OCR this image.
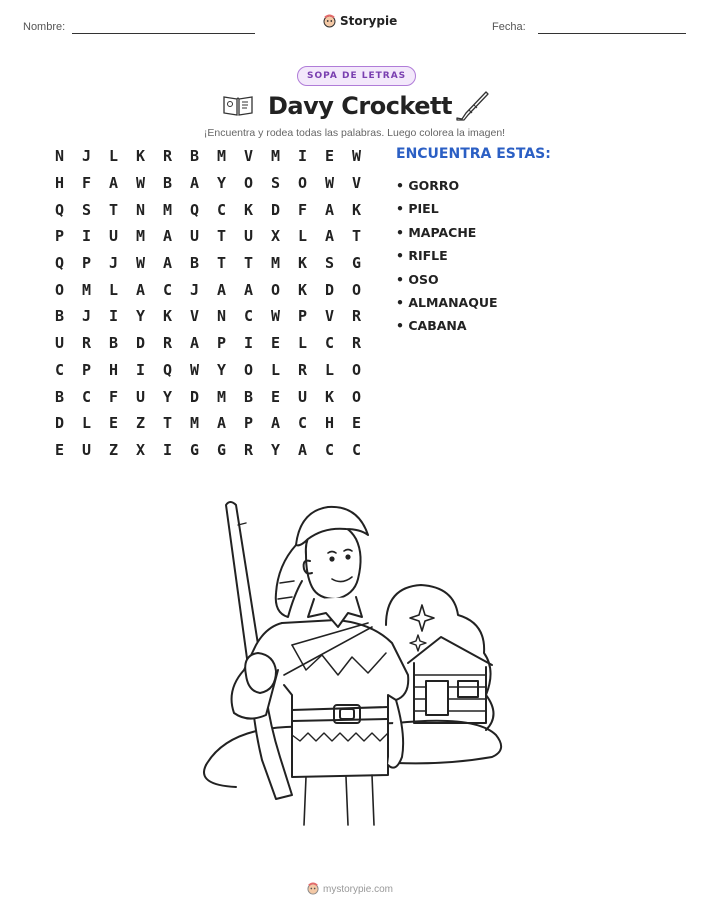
Nombre:	Storypie	Fecha:
SOPA DE LETRAS
Davy Crockett
¡Encuentra y rodea todas las palabras. Luego colorea la imagen!
N	J	L	K	R	B	M	V	M	I	E	W
H	F	A	W	B	A	Y	O	S	O	W	V
Q	S	T	N	M	Q	C	K	D	F	A	K
P	I	U	M	A	U	T	U	X	L	A	T
Q	P	J	W	A	B	T	T	M	K	S	G
O	M	L	A	C	J	A	A	O	K	D	O
B	J	I	Y	K	V	N	C	W	P	V	R
U	R	B	D	R	A	P	I	E	L	C	R
C	P	H	I	Q	W	Y	O	L	R	L	O
B	C	F	U	Y	D	M	B	E	U	K	O
D	L	E	Z	T	M	A	P	A	C	H	E
E	U	Z	X	I	G	G	R	Y	A	C	C
ENCUENTRA ESTAS:
• GORRO
• PIEL
• MAPACHE
• RIFLE
• OSO
• ALMANAQUE
• CABANA
mystorypie.com
